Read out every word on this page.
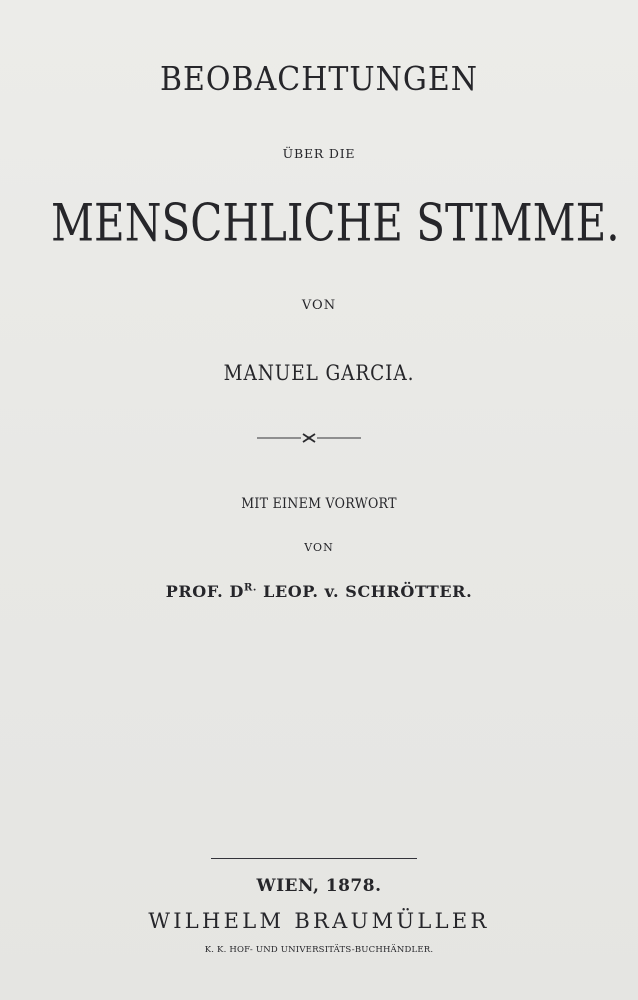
BEOBACHTUNGEN

ÜBER DIE

MENSCHLICHE STIMME.

VON

MANUEL GARCIA.

MIT EINEM VORWORT

VON

PROF. $D^{R.}$ LEOP. v. SCHRÖTTER.

WIEN, 1878.

WILHELM BRAUMÜLLER

K. K. HOF- UND UNIVERSITÄTS-BUCHHÄNDLER.
